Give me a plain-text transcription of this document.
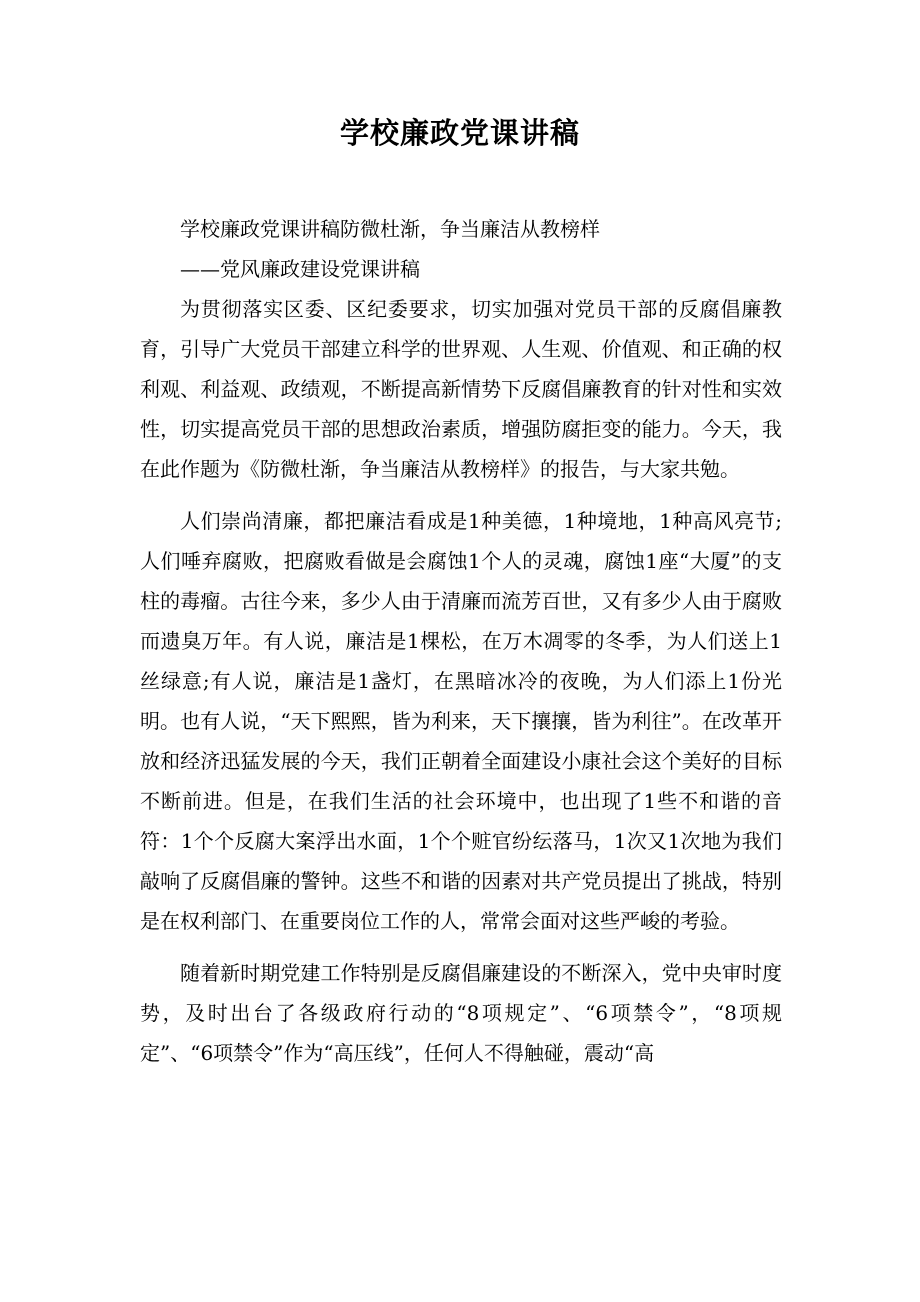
学校廉政党课讲稿

学校廉政党课讲稿防微杜渐，争当廉洁从教榜样

——党风廉政建设党课讲稿

为贯彻落实区委、区纪委要求，切实加强对党员干部的反腐倡廉教育，引导广大党员干部建立科学的世界观、人生观、价值观、和正确的权利观、利益观、政绩观，不断提高新情势下反腐倡廉教育的针对性和实效性，切实提高党员干部的思想政治素质，增强防腐拒变的能力。今天，我在此作题为《防微杜渐，争当廉洁从教榜样》的报告，与大家共勉。

人们崇尚清廉，都把廉洁看成是1种美德，1种境地，1种高风亮节;人们唾弃腐败，把腐败看做是会腐蚀1个人的灵魂，腐蚀1座“大厦”的支柱的毒瘤。古往今来，多少人由于清廉而流芳百世，又有多少人由于腐败而遗臭万年。有人说，廉洁是1棵松，在万木凋零的冬季，为人们送上1丝绿意;有人说，廉洁是1盏灯，在黑暗冰冷的夜晚，为人们添上1份光明。也有人说，“天下熙熙，皆为利来，天下攘攘，皆为利往”。在改革开放和经济迅猛发展的今天，我们正朝着全面建设小康社会这个美好的目标不断前进。但是，在我们生活的社会环境中，也出现了1些不和谐的音符：1个个反腐大案浮出水面，1个个赃官纷纭落马，1次又1次地为我们敲响了反腐倡廉的警钟。这些不和谐的因素对共产党员提出了挑战，特别是在权利部门、在重要岗位工作的人，常常会面对这些严峻的考验。

随着新时期党建工作特别是反腐倡廉建设的不断深入，党中央审时度势，及时出台了各级政府行动的“8项规定”、“6项禁令”，“8项规定”、“6项禁令”作为“高压线”，任何人不得触碰，震动“高
